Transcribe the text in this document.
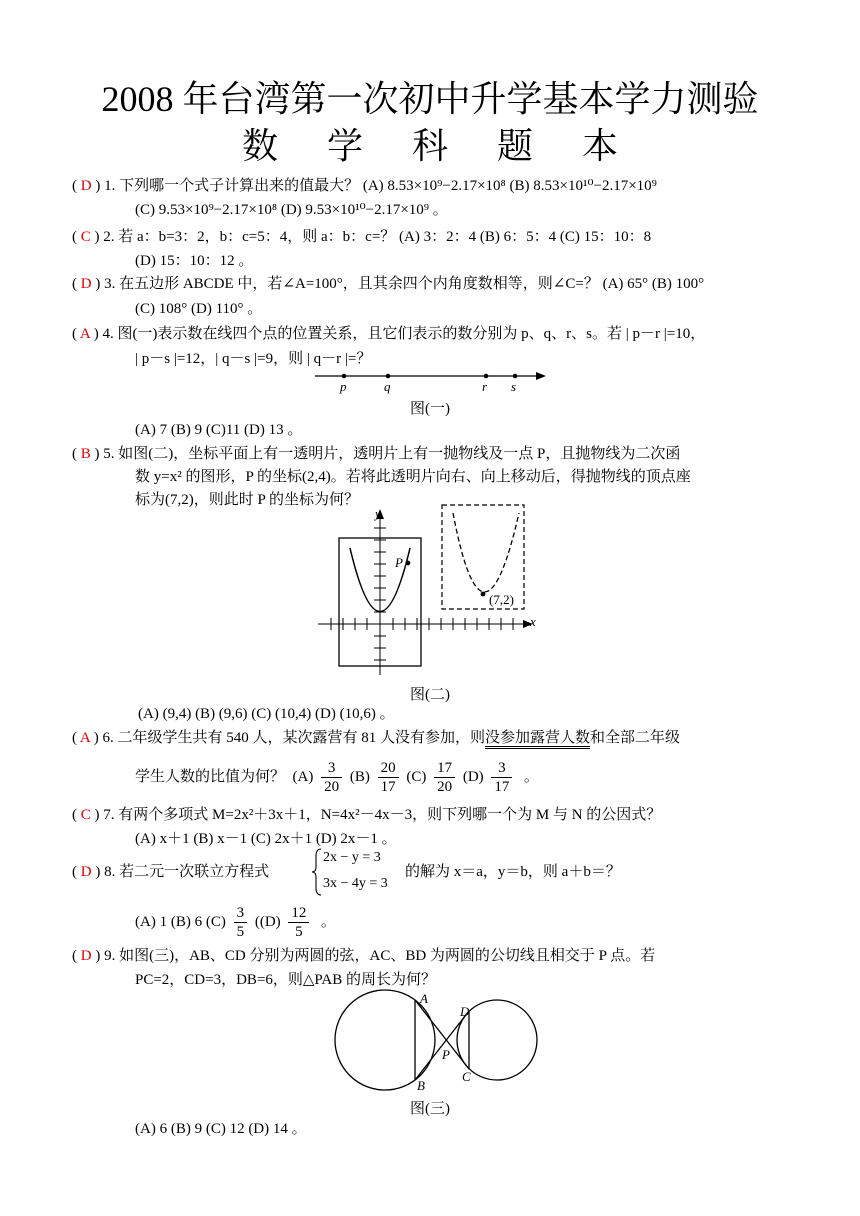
2008 年台湾第一次初中升学基本学力测验
数 学 科 题 本
( D ) 1. 下列哪一个式子计算出来的值最大？ (A) 8.53×10⁹−2.17×10⁸ (B) 8.53×10¹⁰−2.17×10⁹
(C) 9.53×10⁹−2.17×10⁸ (D) 9.53×10¹⁰−2.17×10⁹ 。
( C ) 2. 若 a：b=3：2，b：c=5：4，则 a：b：c=？ (A) 3：2：4 (B) 6：5：4 (C) 15：10：8
(D) 15：10：12 。
( D ) 3. 在五边形 ABCDE 中，若∠A=100°，且其余四个内角度数相等，则∠C=？ (A) 65° (B) 100°
(C) 108° (D) 110° 。
( A ) 4. 图(一)表示数在线四个点的位置关系，且它们表示的数分别为 p、q、r、s。若 | p－r |=10，
| p－s |=12，| q－s |=9，则 | q－r |=？
p	q	r s
图(一)
(A) 7 (B) 9 (C)11 (D) 13 。
( B ) 5. 如图(二)，坐标平面上有一透明片，透明片上有一抛物线及一点 P，且抛物线为二次函
数 y=x² 的图形，P 的坐标(2,4)。若将此透明片向右、向上移动后，得抛物线的顶点座
标为(7,2)，则此时 P 的坐标为何？
P
y
x
(7,2)
图(二)
(A) (9,4) (B) (9,6) (C) (10,4) (D) (10,6) 。
( A ) 6. 二年级学生共有 540 人，某次露营有 81 人没有参加，则没参加露营人数和全部二年级
学生人数的比值为何？ $(A) \frac{3}{20} (B) \frac{20}{17} (C) \frac{17}{20} (D) \frac{3}{17}$ 。
( C ) 7. 有两个多项式 M=2x²＋3x＋1，N=4x²－4x－3，则下列哪一个为 M 与 N 的公因式？
(A) x＋1 (B) x－1 (C) 2x＋1 (D) 2x－1 。
( D ) 8. 若二元一次联立方程式
2x − y = 3
3x − 4y = 3
的解为 x＝a，y＝b，则 a＋b＝？
(A) 1 (B) 6 $(C) \frac{3}{5} ((D) \frac{12}{5}$ 。
( D ) 9. 如图(三)，AB、CD 分别为两圆的弦，AC、BD 为两圆的公切线且相交于 P 点。若
PC=2，CD=3，DB=6，则△PAB 的周长为何？
A
D
P
B
C
图(三)
(A) 6 (B) 9 (C) 12 (D) 14 。
